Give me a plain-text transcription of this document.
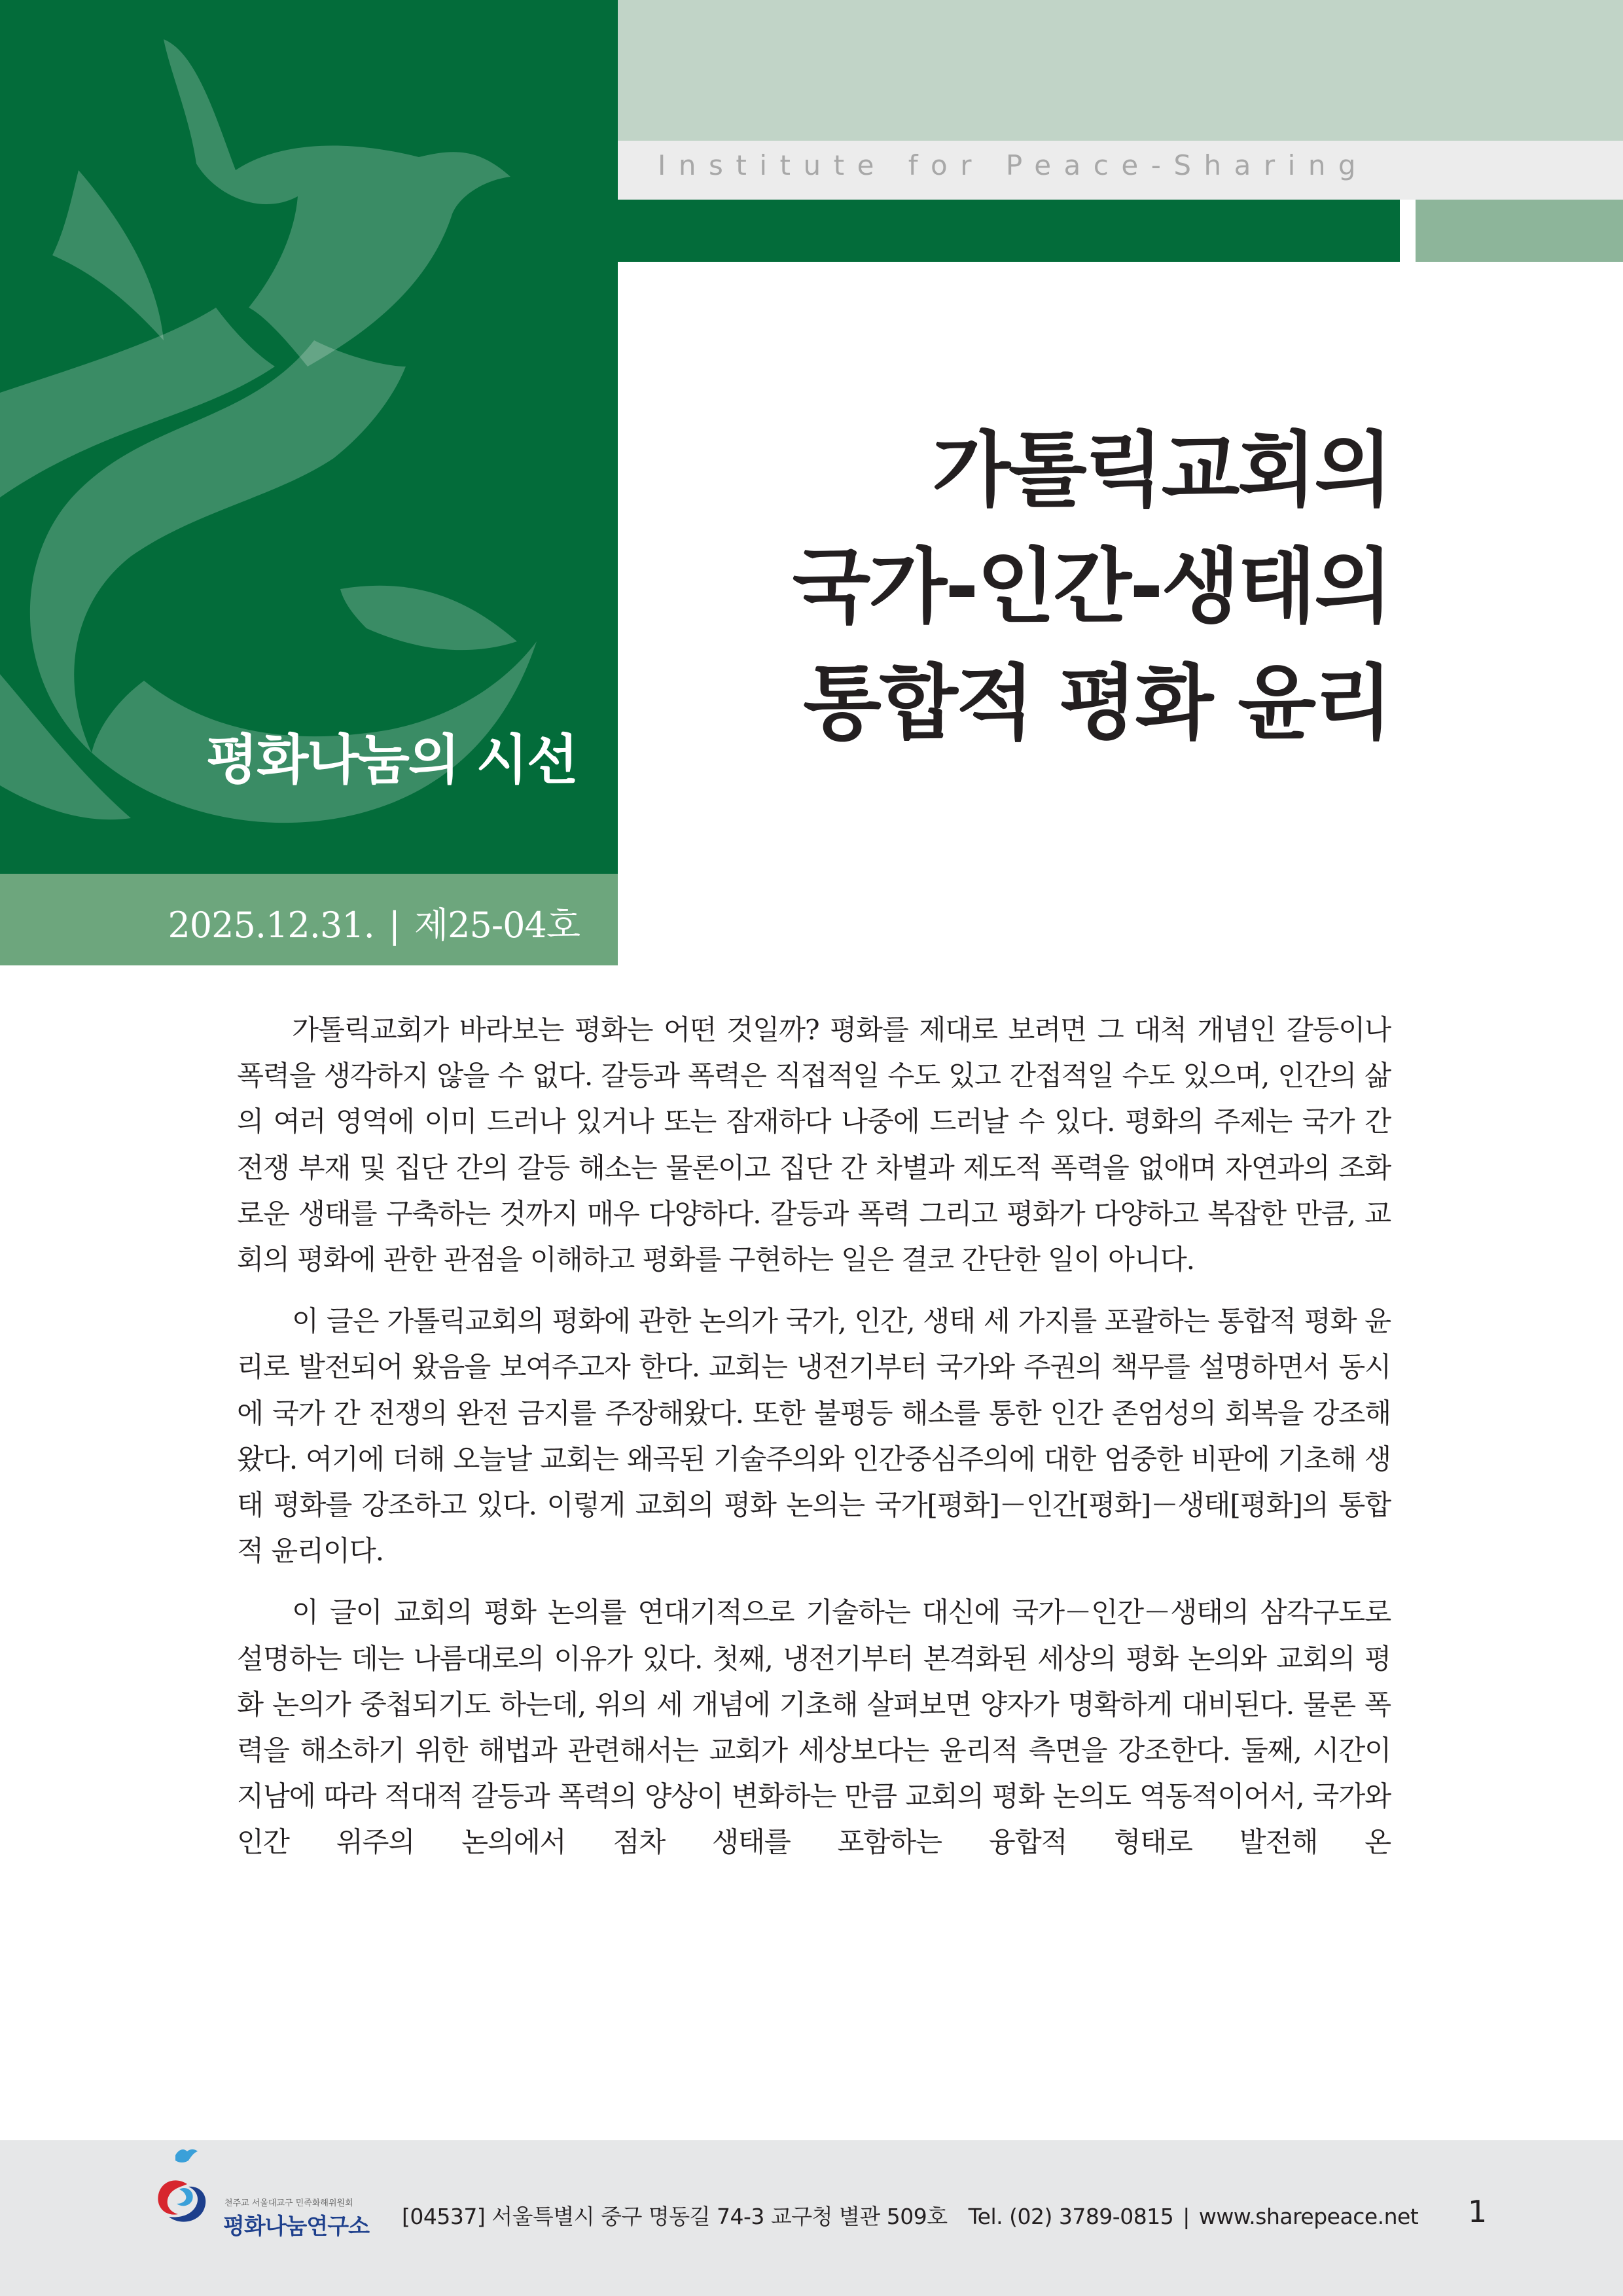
평화나눔의 시선
2025.12.31. | 제25-04호
Institute for Peace-Sharing
가톨릭교회의
국가-인간-생태의
통합적 평화 윤리

가톨릭교회가 바라보는 평화는 어떤 것일까? 평화를 제대로 보려면 그 대척 개념인 갈등이나 폭력을 생각하지 않을 수 없다. 갈등과 폭력은 직접적일 수도 있고 간접적일 수도 있으며, 인간의 삶의 여러 영역에 이미 드러나 있거나 또는 잠재하다 나중에 드러날 수 있다. 평화의 주제는 국가 간 전쟁 부재 및 집단 간의 갈등 해소는 물론이고 집단 간 차별과 제도적 폭력을 없애며 자연과의 조화로운 생태를 구축하는 것까지 매우 다양하다. 갈등과 폭력 그리고 평화가 다양하고 복잡한 만큼, 교회의 평화에 관한 관점을 이해하고 평화를 구현하는 일은 결코 간단한 일이 아니다.

이 글은 가톨릭교회의 평화에 관한 논의가 국가, 인간, 생태 세 가지를 포괄하는 통합적 평화 윤리로 발전되어 왔음을 보여주고자 한다. 교회는 냉전기부터 국가와 주권의 책무를 설명하면서 동시에 국가 간 전쟁의 완전 금지를 주장해왔다. 또한 불평등 해소를 통한 인간 존엄성의 회복을 강조해왔다. 여기에 더해 오늘날 교회는 왜곡된 기술주의와 인간중심주의에 대한 엄중한 비판에 기초해 생태 평화를 강조하고 있다. 이렇게 교회의 평화 논의는 국가[평화]－인간[평화]－생태[평화]의 통합적 윤리이다.

이 글이 교회의 평화 논의를 연대기적으로 기술하는 대신에 국가－인간－생태의 삼각구도로 설명하는 데는 나름대로의 이유가 있다. 첫째, 냉전기부터 본격화된 세상의 평화 논의와 교회의 평화 논의가 중첩되기도 하는데, 위의 세 개념에 기초해 살펴보면 양자가 명확하게 대비된다. 물론 폭력을 해소하기 위한 해법과 관련해서는 교회가 세상보다는 윤리적 측면을 강조한다. 둘째, 시간이 지남에 따라 적대적 갈등과 폭력의 양상이 변화하는 만큼 교회의 평화 논의도 역동적이어서, 국가와 인간 위주의 논의에서 점차 생태를 포함하는 융합적 형태로 발전해 온

천주교 서울대교구 민족화해위원회
평화나눔연구소 [04537] 서울특별시 중구 명동길 74-3 교구청 별관 509호 Tel. (02) 3789-0815 | www.sharepeace.net 1
